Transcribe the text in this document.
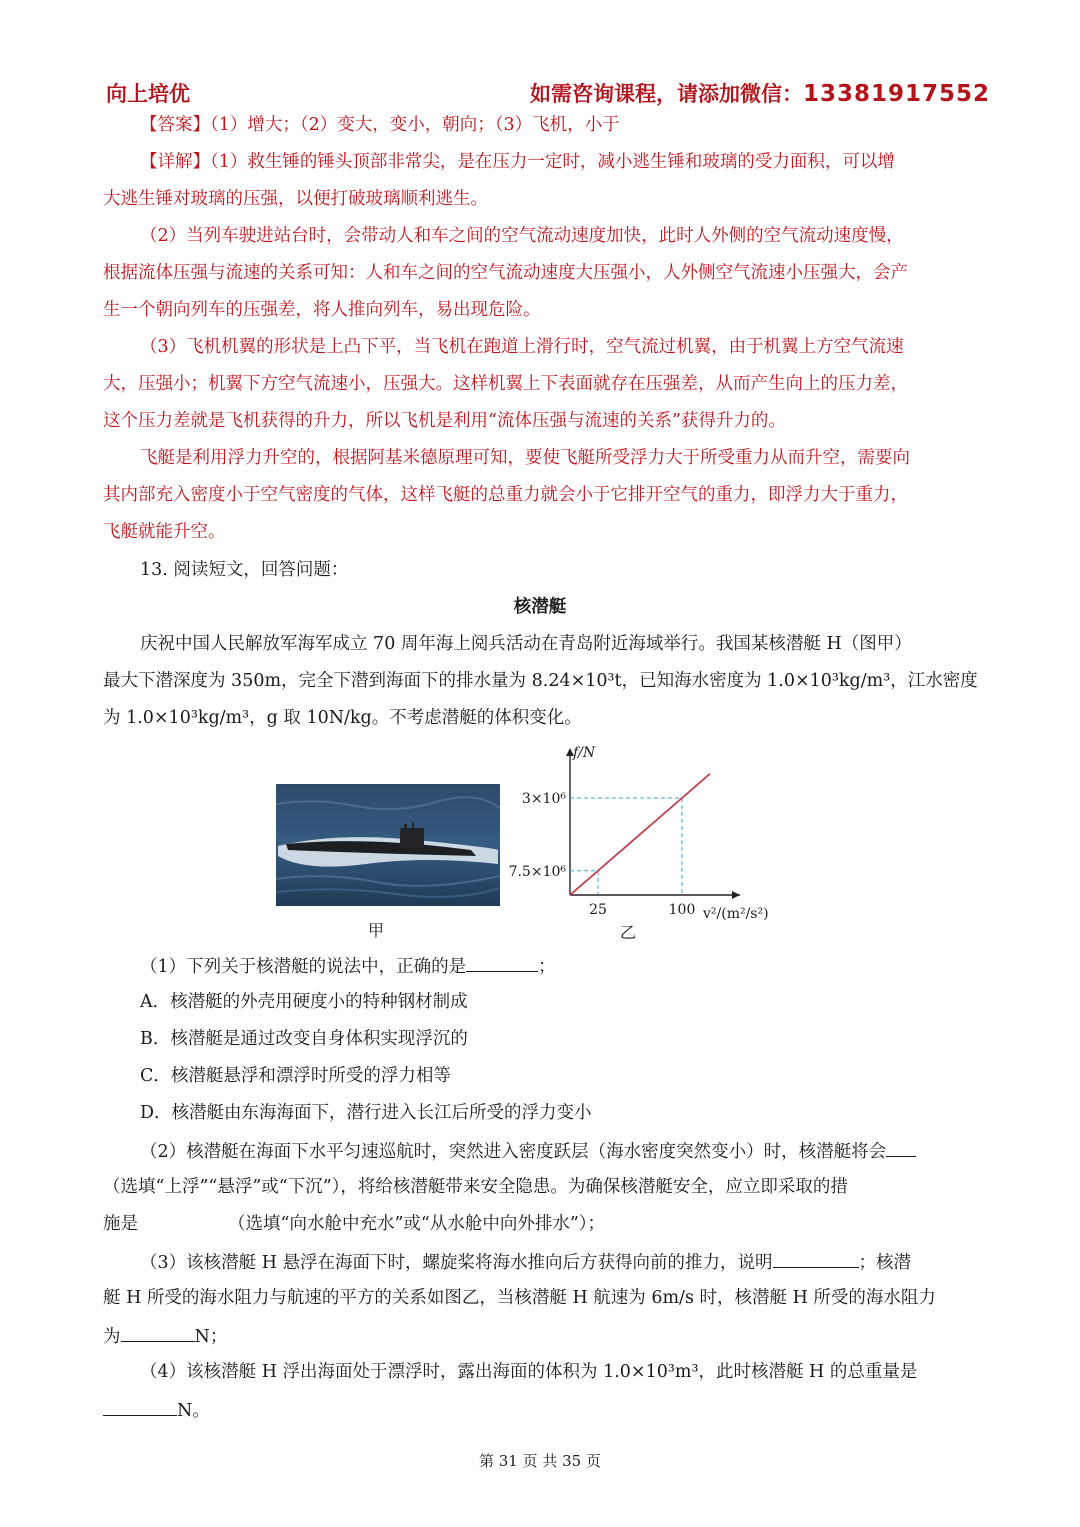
向上培优	如需咨询课程，请添加微信：13381917552
【答案】（1）增大；（2）变大，变小，朝向；（3）飞机，小于
【详解】（1）救生锤的锤头顶部非常尖，是在压力一定时，减小逃生锤和玻璃的受力面积，可以增
大逃生锤对玻璃的压强，以便打破玻璃顺利逃生。
（2）当列车驶进站台时，会带动人和车之间的空气流动速度加快，此时人外侧的空气流动速度慢，
根据流体压强与流速的关系可知：人和车之间的空气流动速度大压强小，人外侧空气流速小压强大，会产
生一个朝向列车的压强差，将人推向列车，易出现危险。
（3）飞机机翼的形状是上凸下平，当飞机在跑道上滑行时，空气流过机翼，由于机翼上方空气流速
大，压强小；机翼下方空气流速小，压强大。这样机翼上下表面就存在压强差，从而产生向上的压力差，
这个压力差就是飞机获得的升力，所以飞机是利用“流体压强与流速的关系”获得升力的。
飞艇是利用浮力升空的，根据阿基米德原理可知，要使飞艇所受浮力大于所受重力从而升空，需要向
其内部充入密度小于空气密度的气体，这样飞艇的总重力就会小于它排开空气的重力，即浮力大于重力，
飞艇就能升空。
13. 阅读短文，回答问题：
核潜艇
庆祝中国人民解放军海军成立 70 周年海上阅兵活动在青岛附近海域举行。我国某核潜艇 H（图甲）
最大下潜深度为 350m，完全下潜到海面下的排水量为 8.24×10³t，已知海水密度为 1.0×10³kg/m³，江水密度
为 1.0×10³kg/m³，g 取 10N/kg。不考虑潜艇的体积变化。
甲
25	100
7.5×10⁶
3×10⁶
f/N
v²/(m²/s²)
乙
（1）下列关于核潜艇的说法中，正确的是	；
A．核潜艇的外壳用硬度小的特种钢材制成
B．核潜艇是通过改变自身体积实现浮沉的
C．核潜艇悬浮和漂浮时所受的浮力相等
D．核潜艇由东海海面下，潜行进入长江后所受的浮力变小
（2）核潜艇在海面下水平匀速巡航时，突然进入密度跃层（海水密度突然变小）时，核潜艇将会
（选填“上浮”“悬浮”或“下沉”），将给核潜艇带来安全隐患。为确保核潜艇安全，应立即采取的措
施是	（选填“向水舱中充水”或“从水舱中向外排水”）；
（3）该核潜艇 H 悬浮在海面下时，螺旋桨将海水推向后方获得向前的推力，说明	；核潜
艇 H 所受的海水阻力与航速的平方的关系如图乙，当核潜艇 H 航速为 6m/s 时，核潜艇 H 所受的海水阻力
为	N；
（4）该核潜艇 H 浮出海面处于漂浮时，露出海面的体积为 1.0×10³m³，此时核潜艇 H 的总重量是
N。
第 31 页 共 35 页
